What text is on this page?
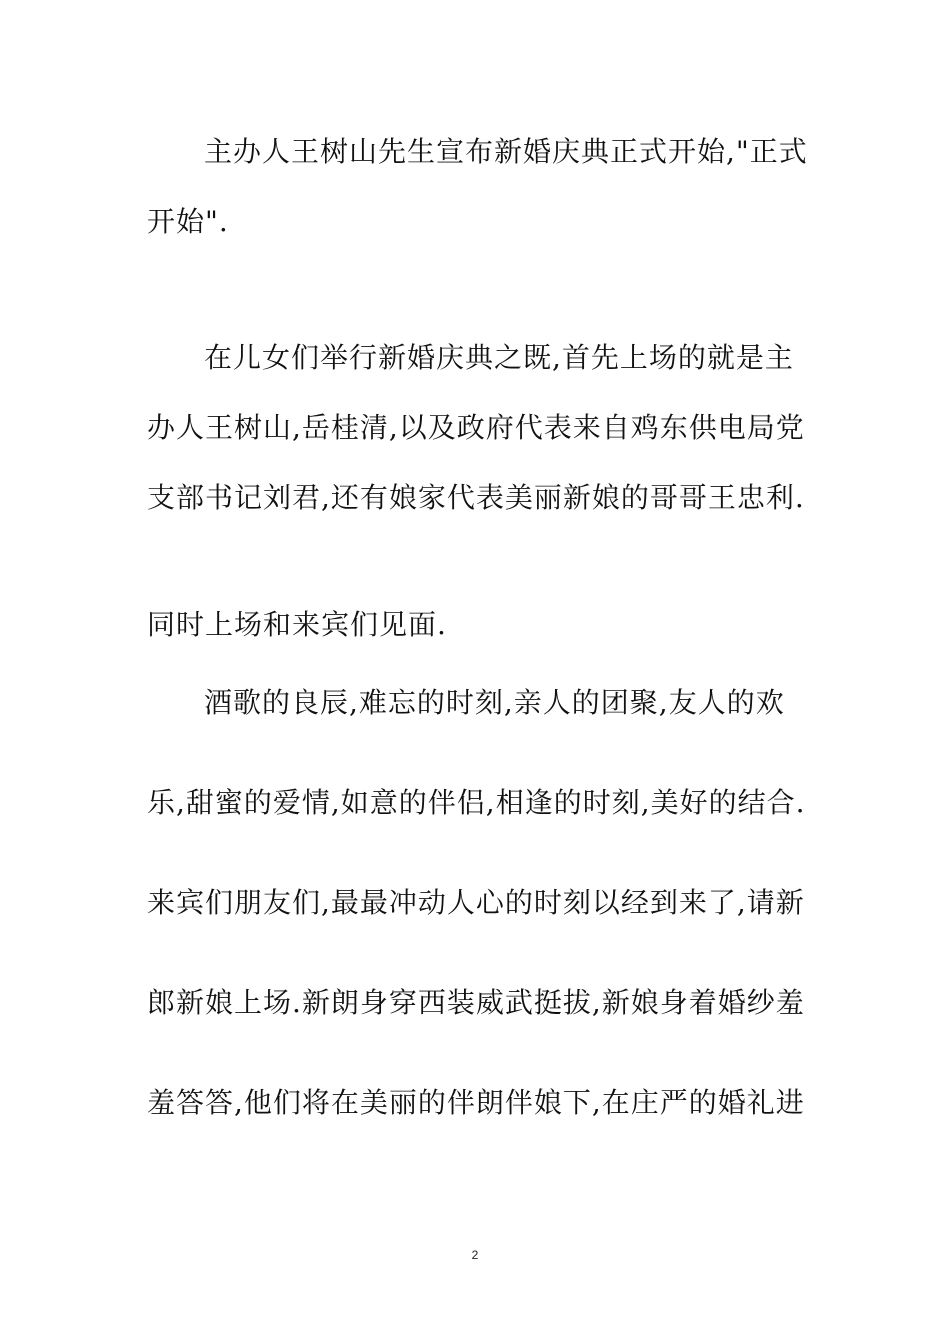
主办人王树山先生宣布新婚庆典正式开始,"正式
开始".
在儿女们举行新婚庆典之既,首先上场的就是主
办人王树山,岳桂清,以及政府代表来自鸡东供电局党
支部书记刘君,还有娘家代表美丽新娘的哥哥王忠利.
同时上场和来宾们见面.
酒歌的良辰,难忘的时刻,亲人的团聚,友人的欢
乐,甜蜜的爱情,如意的伴侣,相逢的时刻,美好的结合.
来宾们朋友们,最最冲动人心的时刻以经到来了,请新
郎新娘上场.新朗身穿西装威武挺拔,新娘身着婚纱羞
羞答答,他们将在美丽的伴朗伴娘下,在庄严的婚礼进
2
